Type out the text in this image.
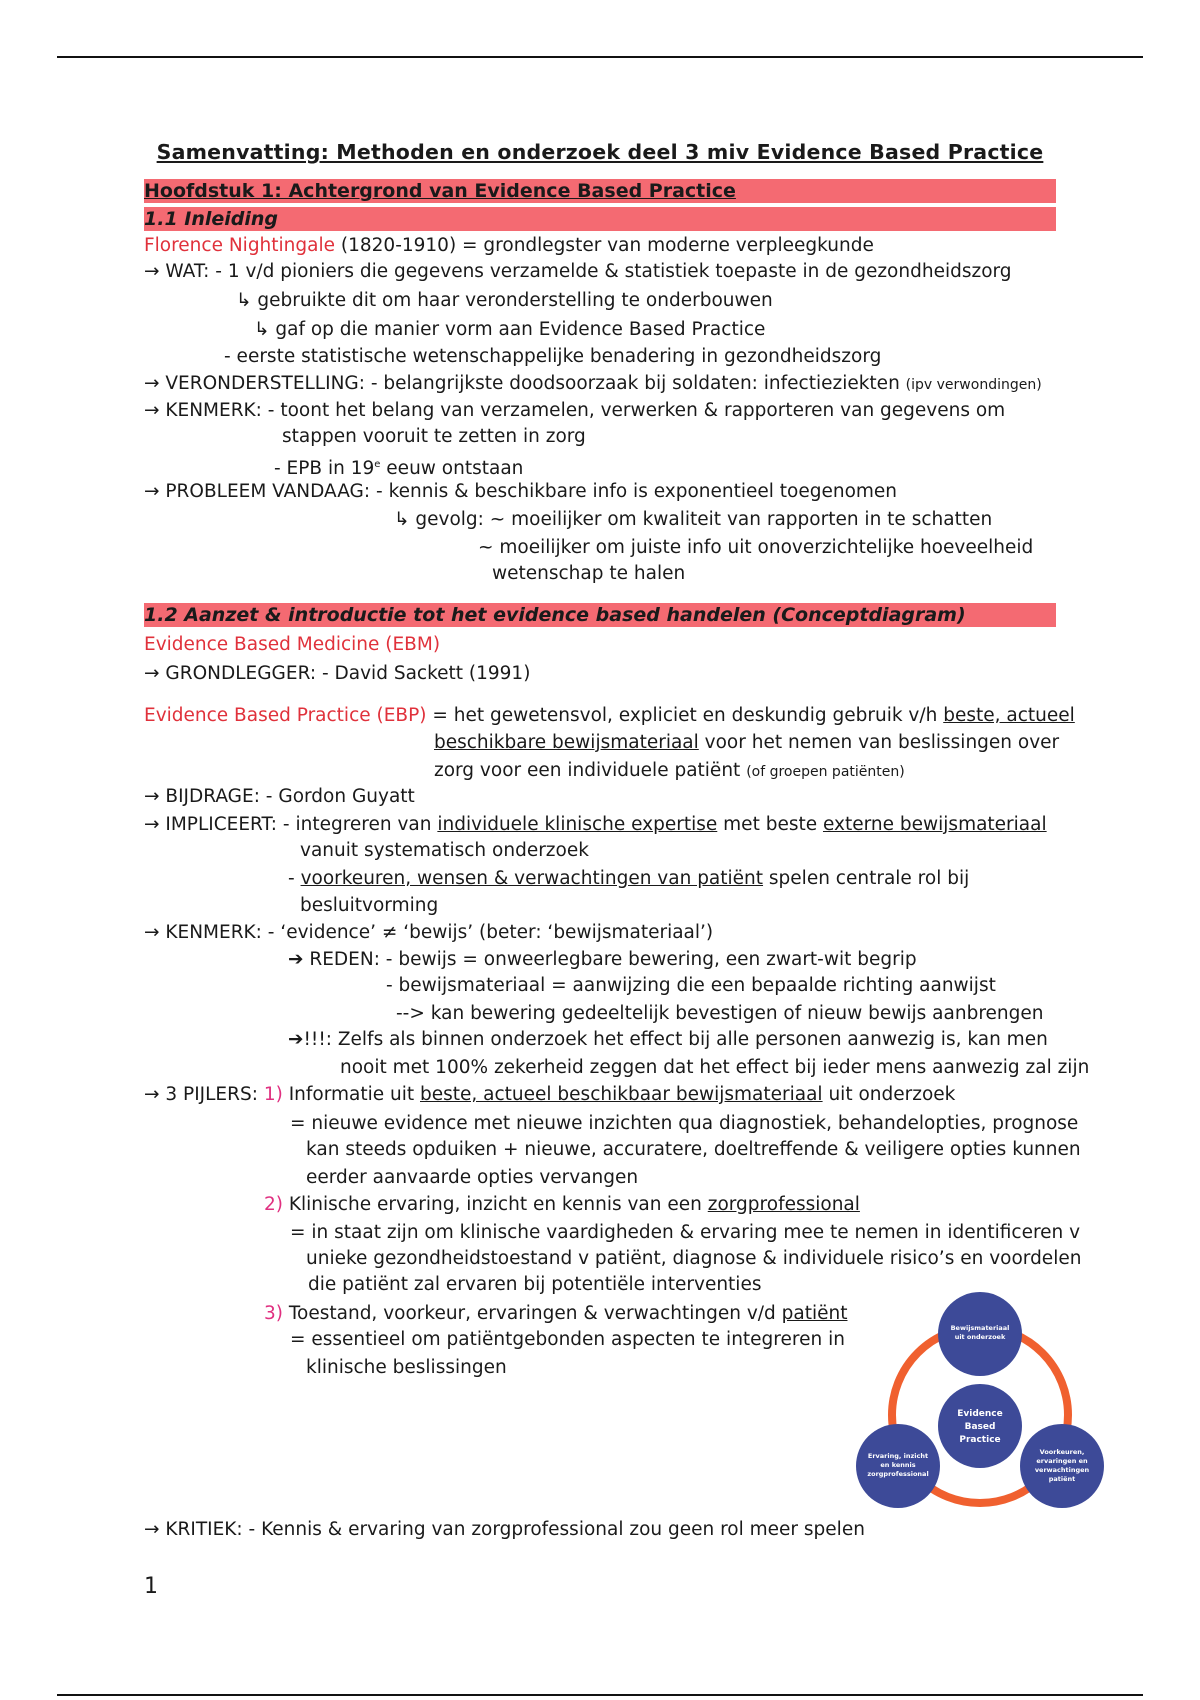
Samenvatting: Methoden en onderzoek deel 3 miv Evidence Based Practice
Hoofdstuk 1: Achtergrond van Evidence Based Practice
1.1 Inleiding
Florence Nightingale (1820-1910) = grondlegster van moderne verpleegkunde
→ WAT: - 1 v/d pioniers die gegevens verzamelde & statistiek toepaste in de gezondheidszorg
↳ gebruikte dit om haar veronderstelling te onderbouwen
↳ gaf op die manier vorm aan Evidence Based Practice
- eerste statistische wetenschappelijke benadering in gezondheidszorg
→ VERONDERSTELLING: - belangrijkste doodsoorzaak bij soldaten: infectieziekten (ipv verwondingen)
→ KENMERK: - toont het belang van verzamelen, verwerken & rapporteren van gegevens om
stappen vooruit te zetten in zorg
- EPB in 19e eeuw ontstaan
→ PROBLEEM VANDAAG: - kennis & beschikbare info is exponentieel toegenomen
↳ gevolg: ~ moeilijker om kwaliteit van rapporten in te schatten
~ moeilijker om juiste info uit onoverzichtelijke hoeveelheid
wetenschap te halen
1.2 Aanzet & introductie tot het evidence based handelen (Conceptdiagram)
Evidence Based Medicine (EBM)
→ GRONDLEGGER: - David Sackett (1991)
Evidence Based Practice (EBP) = het gewetensvol, expliciet en deskundig gebruik v/h beste, actueel
beschikbare bewijsmateriaal voor het nemen van beslissingen over
zorg voor een individuele patiënt (of groepen patiënten)
→ BIJDRAGE: - Gordon Guyatt
→ IMPLICEERT: - integreren van individuele klinische expertise met beste externe bewijsmateriaal
vanuit systematisch onderzoek
- voorkeuren, wensen & verwachtingen van patiënt spelen centrale rol bij
besluitvorming
→ KENMERK: - ‘evidence’ ≠ ‘bewijs’ (beter: ‘bewijsmateriaal’)
➔ REDEN: - bewijs = onweerlegbare bewering, een zwart-wit begrip
- bewijsmateriaal = aanwijzing die een bepaalde richting aanwijst
--> kan bewering gedeeltelijk bevestigen of nieuw bewijs aanbrengen
➔!!!: Zelfs als binnen onderzoek het effect bij alle personen aanwezig is, kan men
nooit met 100% zekerheid zeggen dat het effect bij ieder mens aanwezig zal zijn
→ 3 PIJLERS: 1) Informatie uit beste, actueel beschikbaar bewijsmateriaal uit onderzoek
= nieuwe evidence met nieuwe inzichten qua diagnostiek, behandelopties, prognose
kan steeds opduiken + nieuwe, accuratere, doeltreffende & veiligere opties kunnen
eerder aanvaarde opties vervangen
2) Klinische ervaring, inzicht en kennis van een zorgprofessional
= in staat zijn om klinische vaardigheden & ervaring mee te nemen in identificeren v
unieke gezondheidstoestand v patiënt, diagnose & individuele risico’s en voordelen
die patiënt zal ervaren bij potentiële interventies
3) Toestand, voorkeur, ervaringen & verwachtingen v/d patiënt
= essentieel om patiëntgebonden aspecten te integreren in
klinische beslissingen
Bewijsmateriaal
uit onderzoek
Evidence
Based
Practice
Ervaring, inzicht
en kennis
zorgprofessional
Voorkeuren,
ervaringen en
verwachtingen
patiënt
→ KRITIEK: - Kennis & ervaring van zorgprofessional zou geen rol meer spelen
1
